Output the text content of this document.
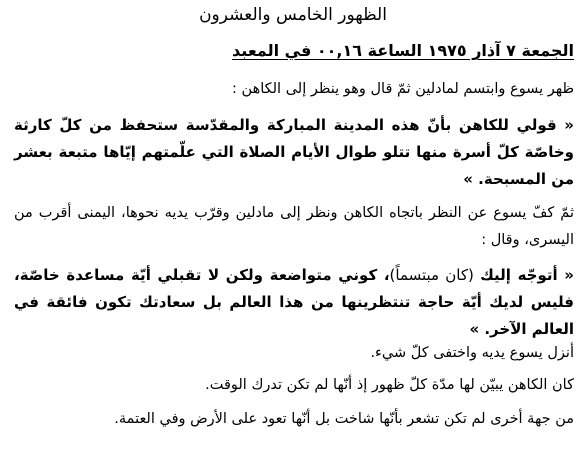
الظهور الخامس والعشرون
الجمعة ٧ آذار ١٩٧٥ الساعة ٠٠,١٦ في المعبد
ظهر يسوع وابتسم لمادلين ثمّ قال وهو ينظر إلى الكاهن :
« قولي للكاهن بأنّ هذه المدينة المباركة والمقدّسة ستحفظ من كلّ كارثة وخاصّة كلّ أسرة منها تتلو طوال الأيام الصلاة التي علّمتهم إيّاها متبعة بعشر من المسبحة. »
ثمّ كفّ يسوع عن النظر باتجاه الكاهن ونظر إلى مادلين وقرّب يديه نحوها، اليمنى أقرب من اليسرى، وقال :
« أتوجّه إليك (كان مبتسماً)، كوني متواضعة ولكن لا تقبلي أيّة مساعدة خاصّة، فليس لديك أيّة حاجة تنتظرينها من هذا العالم بل سعادتك تكون فائقة في العالم الآخر. »
أنزل يسوع يديه واختفى كلّ شيء.
كان الكاهن يبيّن لها مدّة كلّ ظهور إذ أنّها لم تكن تدرك الوقت.
من جهة أخرى لم تكن تشعر بأنّها شاخت بل أنّها تعود على الأرض وفي العتمة.
